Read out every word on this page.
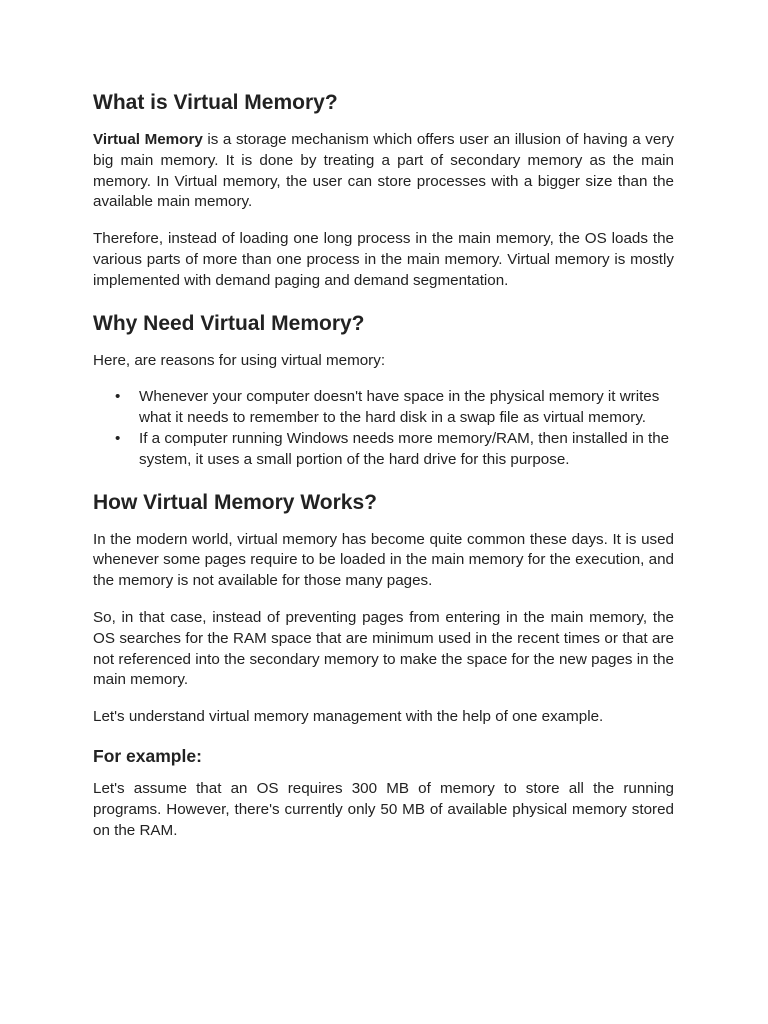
What is Virtual Memory?

Virtual Memory is a storage mechanism which offers user an illusion of having a very big main memory. It is done by treating a part of secondary memory as the main memory. In Virtual memory, the user can store processes with a bigger size than the available main memory.

Therefore, instead of loading one long process in the main memory, the OS loads the various parts of more than one process in the main memory. Virtual memory is mostly implemented with demand paging and demand segmentation.

Why Need Virtual Memory?

Here, are reasons for using virtual memory:

• Whenever your computer doesn't have space in the physical memory it writes what it needs to remember to the hard disk in a swap file as virtual memory.
• If a computer running Windows needs more memory/RAM, then installed in the system, it uses a small portion of the hard drive for this purpose.
How Virtual Memory Works?

In the modern world, virtual memory has become quite common these days. It is used whenever some pages require to be loaded in the main memory for the execution, and the memory is not available for those many pages.

So, in that case, instead of preventing pages from entering in the main memory, the OS searches for the RAM space that are minimum used in the recent times or that are not referenced into the secondary memory to make the space for the new pages in the main memory.

Let's understand virtual memory management with the help of one example.

For example:

Let's assume that an OS requires 300 MB of memory to store all the running programs. However, there's currently only 50 MB of available physical memory stored on the RAM.
